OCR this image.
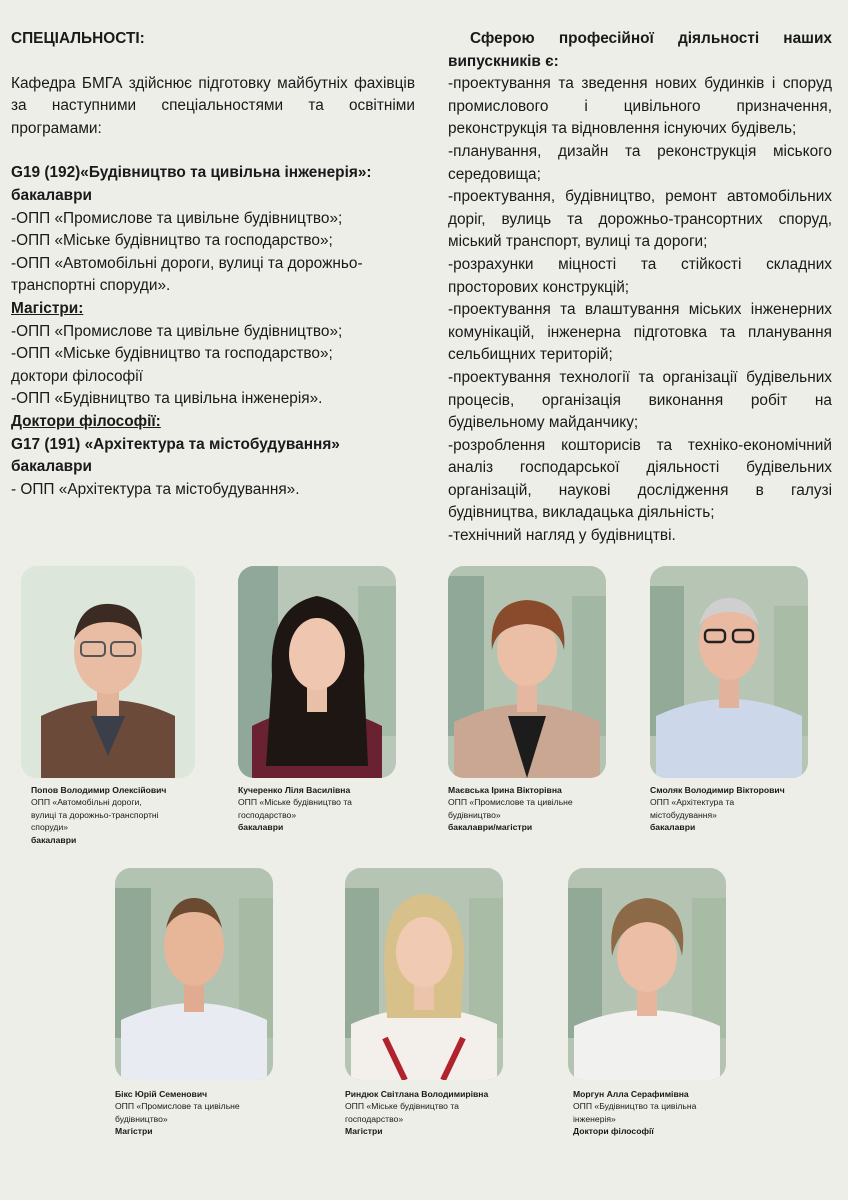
СПЕЦІАЛЬНОСТІ:

Кафедра БМГА здійснює підготовку майбутніх фахівців за наступними спеціальностями та освітніми програмами:

G19 (192)«Будівництво та цивільна інженерія»:

бакалаври

-ОПП «Промислове та цивільне будівництво»;

-ОПП «Міське будівництво та господарство»;

-ОПП «Автомобільні дороги, вулиці та дорожньо-транспортні споруди».

Магістри:

-ОПП «Промислове та цивільне будівництво»;

-ОПП «Міське будівництво та господарство»;

доктори філософії

-ОПП «Будівництво та цивільна інженерія».

Доктори філософії:

G17 (191) «Архітектура та містобудування»

бакалаври

- ОПП «Архітектура та містобудування».

Сферою професійної діяльності наших випускників є:

-проектування та зведення нових будинків і споруд промислового і цивільного призначення, реконструкція та відновлення існуючих будівель;

-планування, дизайн та реконструкція міського середовища;

-проектування, будівництво, ремонт автомобільних доріг, вулиць та дорожньо-трансортних споруд, міський транспорт, вулиці та дороги;

-розрахунки міцності та стійкості складних просторових конструкцій;

-проектування та влаштування міських інженерних комунікацій, інженерна підготовка та планування сельбищних територій;

-проектування технології та організації будівельних процесів, організація виконання робіт на будівельному майданчику;

-розроблення кошторисів та техніко-економічний аналіз господарської діяльності будівельних організацій, наукові дослідження в галузі будівництва, викладацька діяльність;

-технічний нагляд у будівництві.

Попов Володимир Олексійович
ОПП «Автомобільні дороги,
вулиці та дорожньо-транспортні
споруди»
бакалаври
Кучеренко Ліля Василівна
ОПП «Міське будівництво та
господарство»
бакалаври
Маєвська Ірина Вікторівна
ОПП «Промислове та цивільне
будівництво»
бакалаври/магістри
Смоляк Володимир Вікторович
ОПП «Архітектура та
містобудування»
бакалаври
Бікс Юрій Семенович
ОПП «Промислове та цивільне
будівництво»
Магістри
Риндюк Світлана Володимирівна
ОПП «Міське будівництво та
господарство»
Магістри
Моргун Алла Серафимівна
ОПП «Будівництво та цивільна
інженерія»
Доктори філософії
